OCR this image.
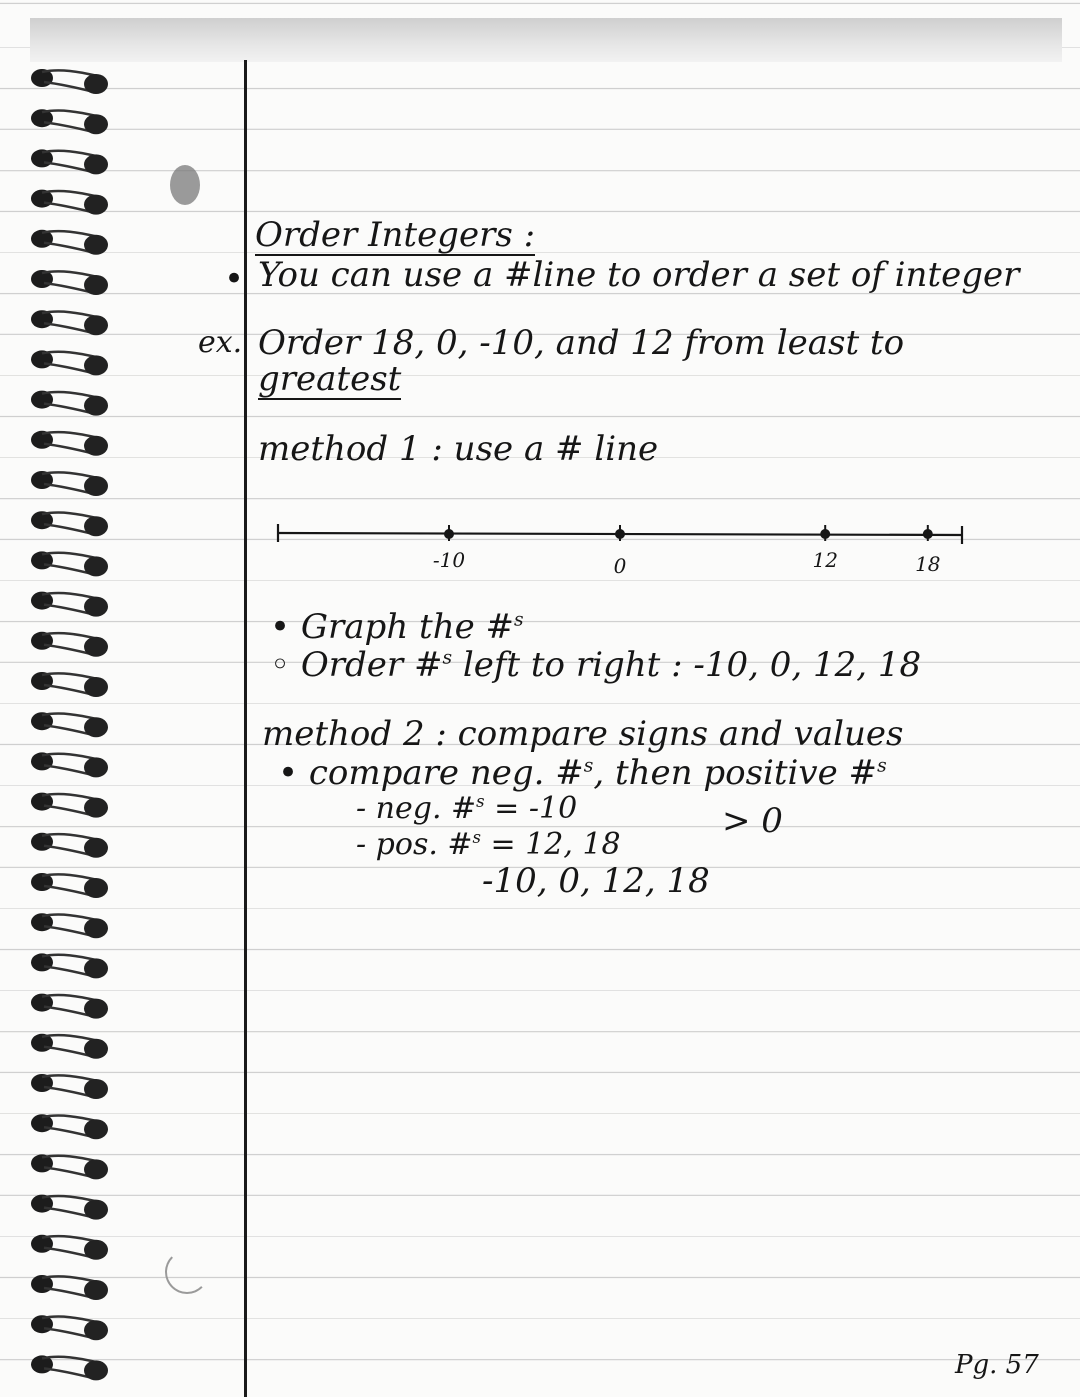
Order Integers :
• You can use a #line to order a set of integer
ex. Order 18, 0, -10, and 12 from least to
greatest
method 1 : use a # line
-10	0	12	18
• Graph the #$^s$
◦ Order #$^s$ left to right : -10, 0, 12, 18
method 2 : compare signs and values
• compare neg. #$^s$, then positive #$^s$
- neg. #$^s$ = -10	> 0
- pos. #$^s$ = 12, 18
-10, 0, 12, 18
Pg. 57
